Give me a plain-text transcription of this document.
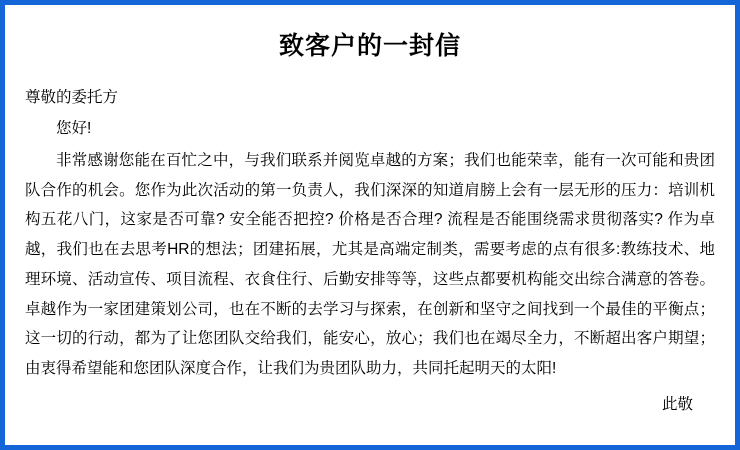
致客户的一封信

尊敬的委托方

您好!

非常感谢您能在百忙之中，与我们联系并阅览卓越的方案；我们也能荣幸，能有一次可能和贵团队合作的机会。您作为此次活动的第一负责人，我们深深的知道肩膀上会有一层无形的压力：培训机构五花八门，这家是否可靠? 安全能否把控? 价格是否合理? 流程是否能围绕需求贯彻落实? 作为卓越，我们也在去思考HR的想法；团建拓展，尤其是高端定制类，需要考虑的点有很多:教练技术、地理环境、活动宣传、项目流程、衣食住行、后勤安排等等，这些点都要机构能交出综合满意的答卷。卓越作为一家团建策划公司，也在不断的去学习与探索，在创新和坚守之间找到一个最佳的平衡点；这一切的行动，都为了让您团队交给我们，能安心，放心；我们也在竭尽全力，不断超出客户期望；由衷得希望能和您团队深度合作，让我们为贵团队助力，共同托起明天的太阳!

此敬
